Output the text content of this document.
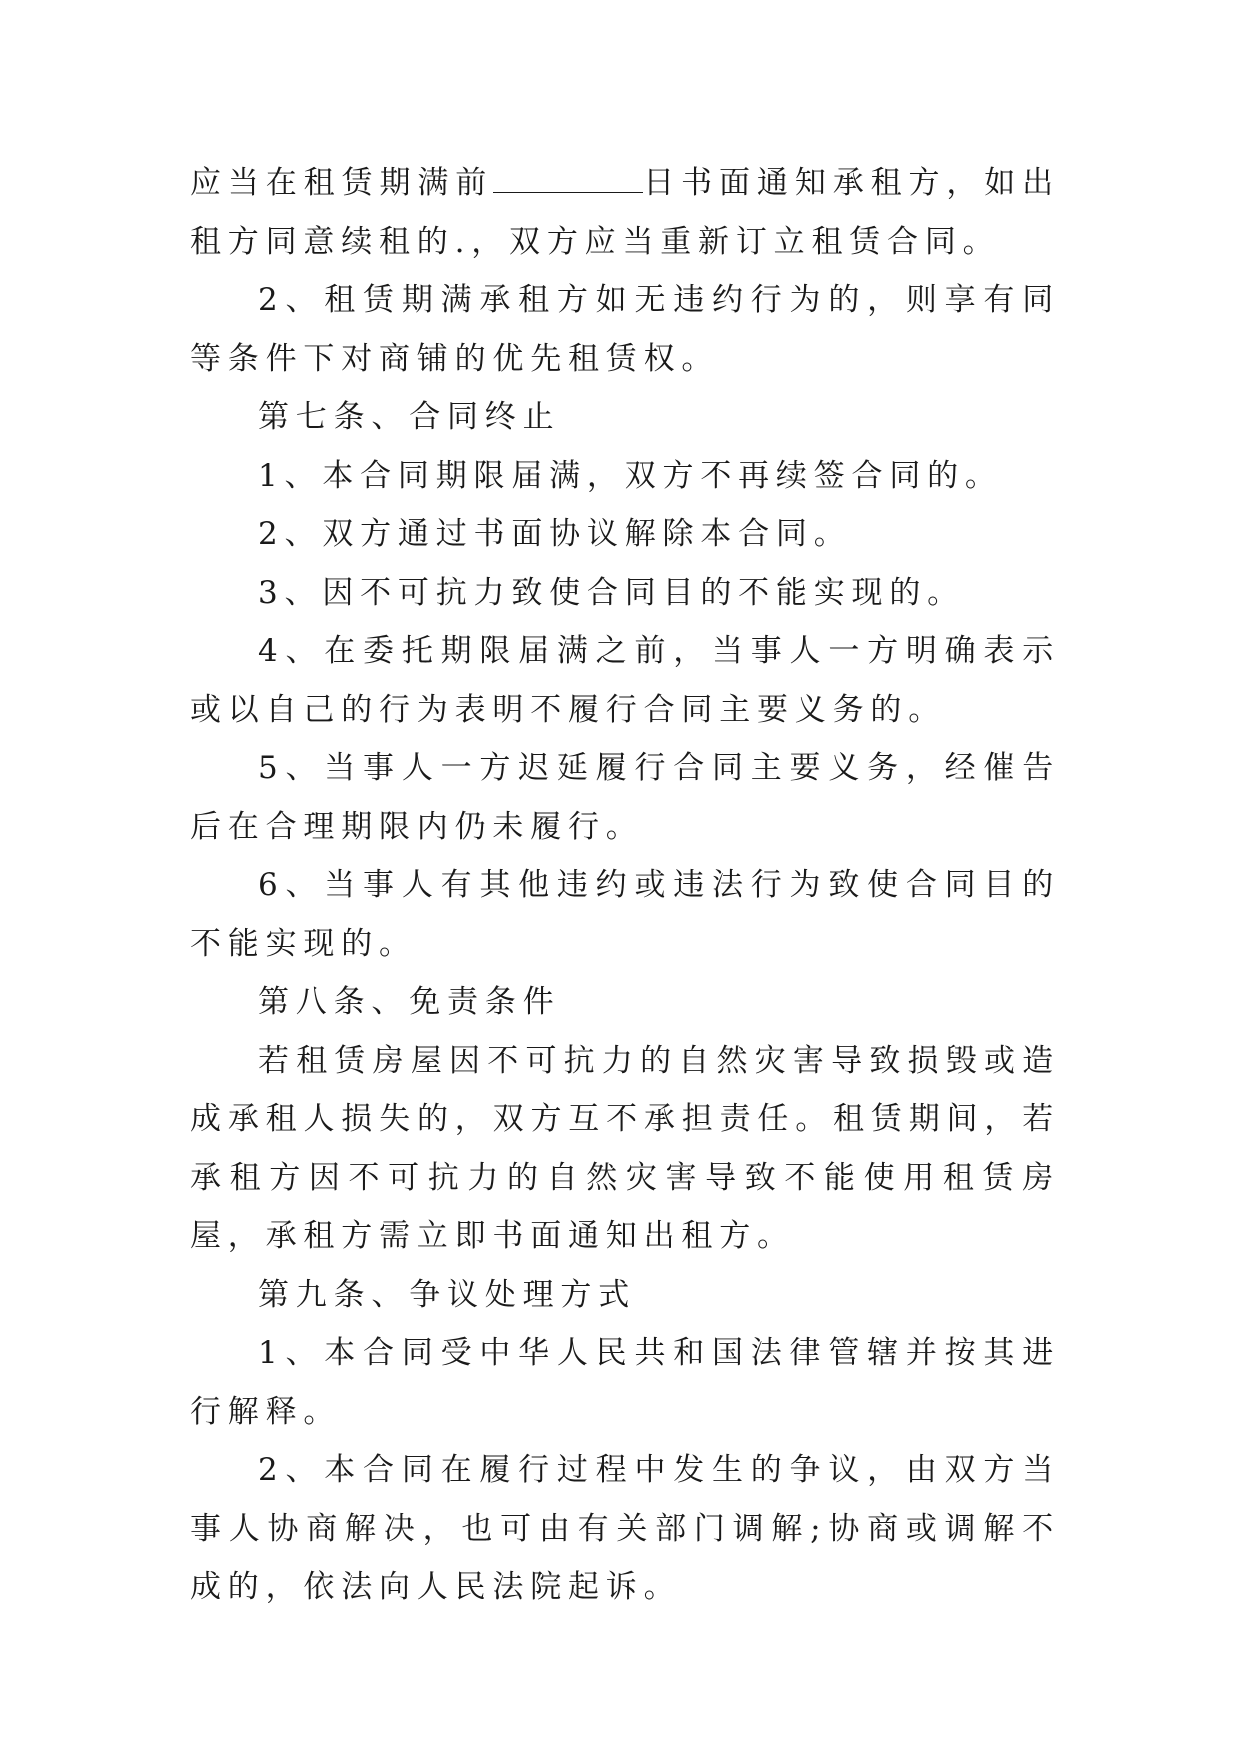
应当在租赁期满前	日书面通知承租方，如出租方同意续租的.，双方应当重新订立租赁合同。

2、租赁期满承租方如无违约行为的，则享有同等条件下对商铺的优先租赁权。

第七条、合同终止

1、本合同期限届满，双方不再续签合同的。

2、双方通过书面协议解除本合同。

3、因不可抗力致使合同目的不能实现的。

4、在委托期限届满之前，当事人一方明确表示或以自己的行为表明不履行合同主要义务的。

5、当事人一方迟延履行合同主要义务，经催告后在合理期限内仍未履行。

6、当事人有其他违约或违法行为致使合同目的不能实现的。

第八条、免责条件

若租赁房屋因不可抗力的自然灾害导致损毁或造成承租人损失的，双方互不承担责任。租赁期间，若承租方因不可抗力的自然灾害导致不能使用租赁房屋，承租方需立即书面通知出租方。

第九条、争议处理方式

1、本合同受中华人民共和国法律管辖并按其进行解释。

2、本合同在履行过程中发生的争议，由双方当事人协商解决，也可由有关部门调解;协商或调解不成的，依法向人民法院起诉。
